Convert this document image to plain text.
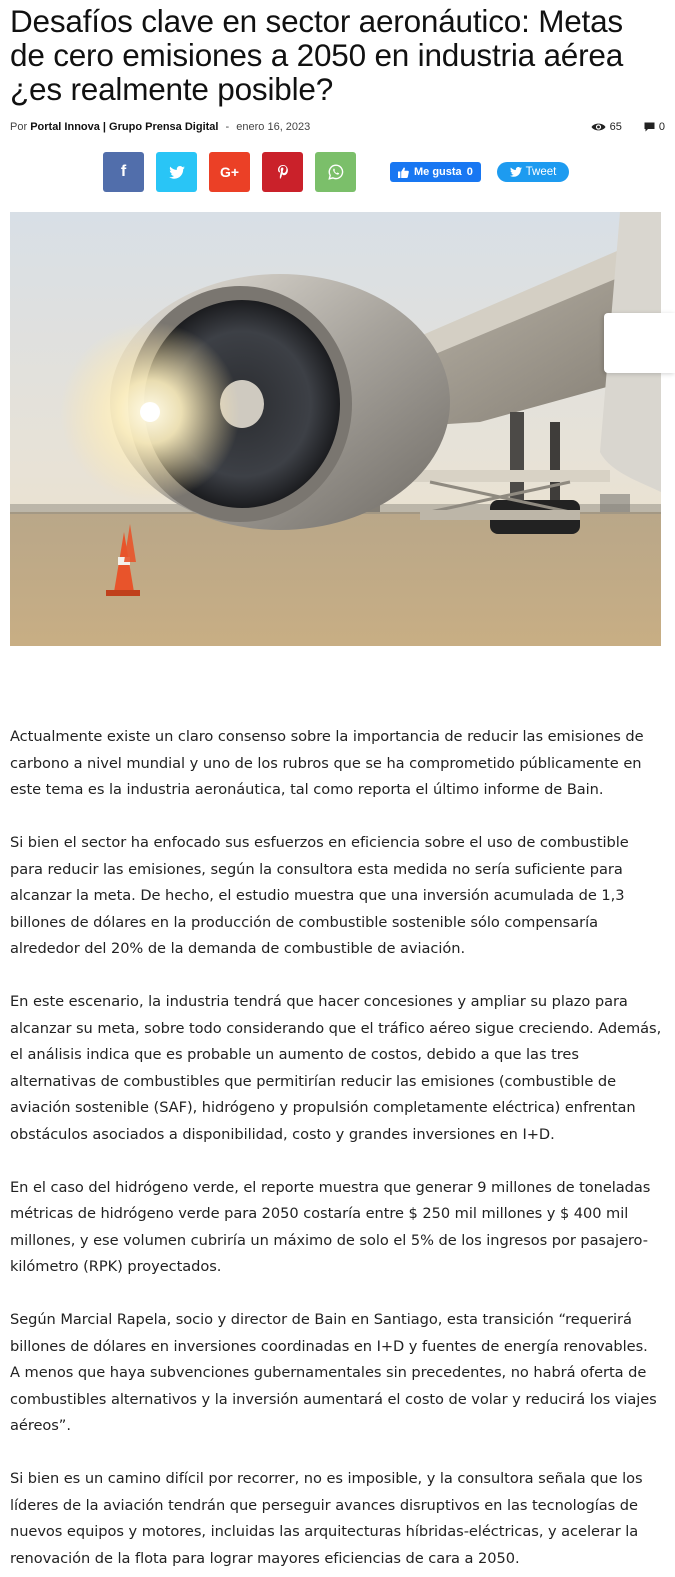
Desafíos clave en sector aeronáutico: Metas de cero emisiones a 2050 en industria aérea ¿es realmente posible?
Por Portal Innova | Grupo Prensa Digital - enero 16, 2023	65	0
f	G+	Me gusta 0	Tweet

Actualmente existe un claro consenso sobre la importancia de reducir las emisiones de carbono a nivel mundial y uno de los rubros que se ha comprometido públicamente en este tema es la industria aeronáutica, tal como reporta el último informe de Bain.

Si bien el sector ha enfocado sus esfuerzos en eficiencia sobre el uso de combustible para reducir las emisiones, según la consultora esta medida no sería suficiente para alcanzar la meta. De hecho, el estudio muestra que una inversión acumulada de 1,3 billones de dólares en la producción de combustible sostenible sólo compensaría alrededor del 20% de la demanda de combustible de aviación.

En este escenario, la industria tendrá que hacer concesiones y ampliar su plazo para alcanzar su meta, sobre todo considerando que el tráfico aéreo sigue creciendo. Además, el análisis indica que es probable un aumento de costos, debido a que las tres alternativas de combustibles que permitirían reducir las emisiones (combustible de aviación sostenible (SAF), hidrógeno y propulsión completamente eléctrica) enfrentan obstáculos asociados a disponibilidad, costo y grandes inversiones en I+D.

En el caso del hidrógeno verde, el reporte muestra que generar 9 millones de toneladas métricas de hidrógeno verde para 2050 costaría entre $ 250 mil millones y $ 400 mil millones, y ese volumen cubriría un máximo de solo el 5% de los ingresos por pasajero-kilómetro (RPK) proyectados.

Según Marcial Rapela, socio y director de Bain en Santiago, esta transición “requerirá billones de dólares en inversiones coordinadas en I+D y fuentes de energía renovables. A menos que haya subvenciones gubernamentales sin precedentes, no habrá oferta de combustibles alternativos y la inversión aumentará el costo de volar y reducirá los viajes aéreos”.

Si bien es un camino difícil por recorrer, no es imposible, y la consultora señala que los líderes de la aviación tendrán que perseguir avances disruptivos en las tecnologías de nuevos equipos y motores, incluidas las arquitecturas híbridas-eléctricas, y acelerar la renovación de la flota para lograr mayores eficiencias de cara a 2050.
